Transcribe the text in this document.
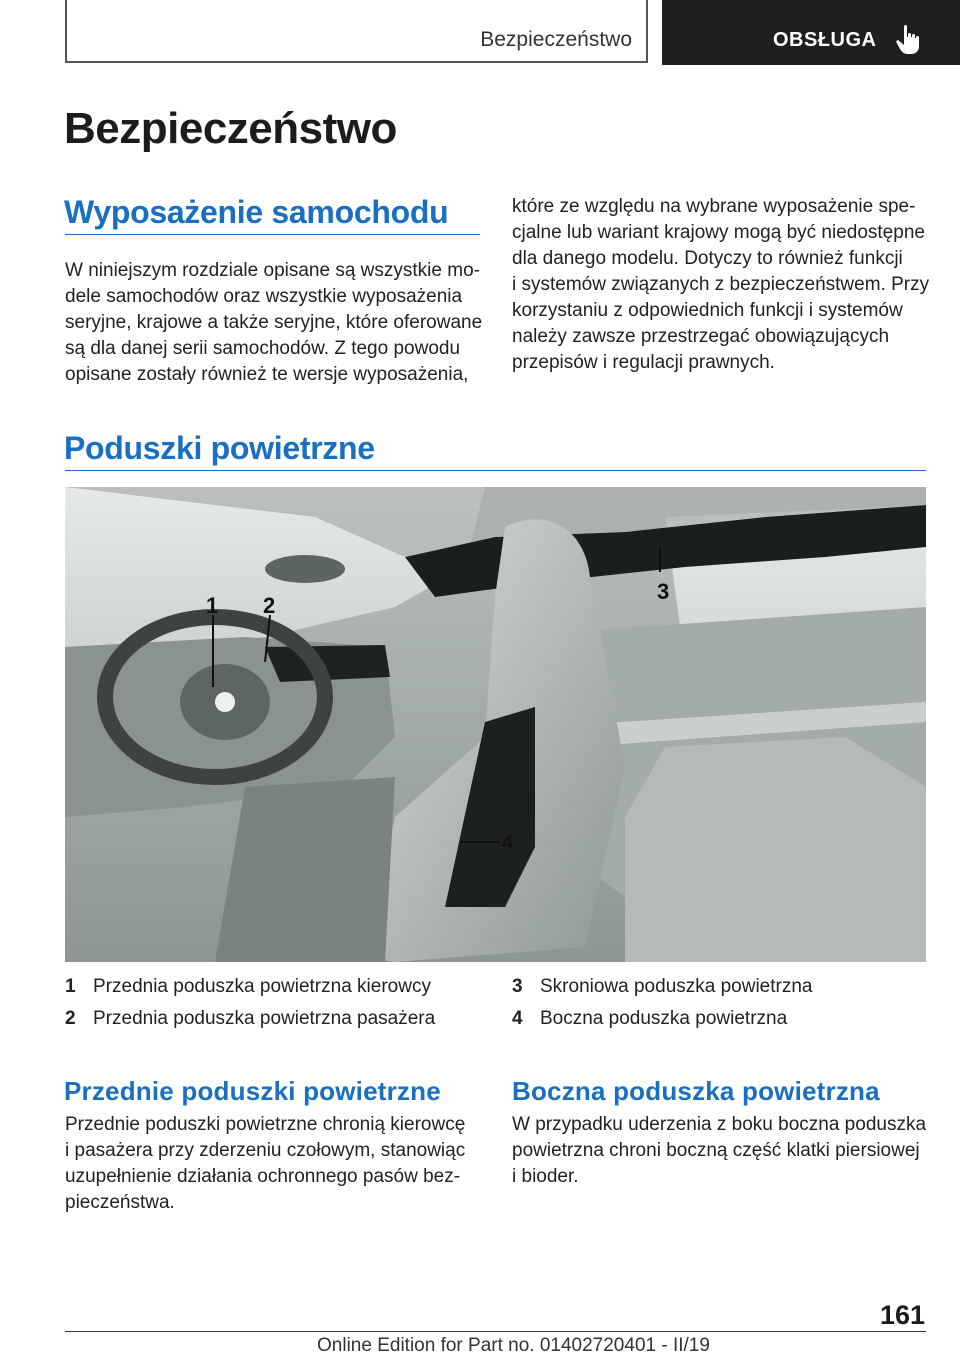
Bezpieczeństwo	OBSŁUGA
Bezpieczeństwo
Wyposażenie samochodu

W niniejszym rozdziale opisane są wszystkie mo-
dele samochodów oraz wszystkie wyposażenia
seryjne, krajowe a także seryjne, które oferowane
są dla danej serii samochodów. Z tego powodu
opisane zostały również te wersje wyposażenia,

które ze względu na wybrane wyposażenie spe-
cjalne lub wariant krajowy mogą być niedostępne
dla danego modelu. Dotyczy to również funkcji
i systemów związanych z bezpieczeństwem. Przy
korzystaniu z odpowiednich funkcji i systemów
należy zawsze przestrzegać obowiązujących
przepisów i regulacji prawnych.

Poduszki powietrzne
1 2
3
4
1 Przednia poduszka powietrzna kierowcy
2 Przednia poduszka powietrzna pasażera
3 Skroniowa poduszka powietrzna
4 Boczna poduszka powietrzna
Przednie poduszki powietrzne

Przednie poduszki powietrzne chronią kierowcę
i pasażera przy zderzeniu czołowym, stanowiąc
uzupełnienie działania ochronnego pasów bez-
pieczeństwa.

Boczna poduszka powietrzna

W przypadku uderzenia z boku boczna poduszka
powietrzna chroni boczną część klatki piersiowej
i bioder.

161
Online Edition for Part no. 01402720401 - II/19
